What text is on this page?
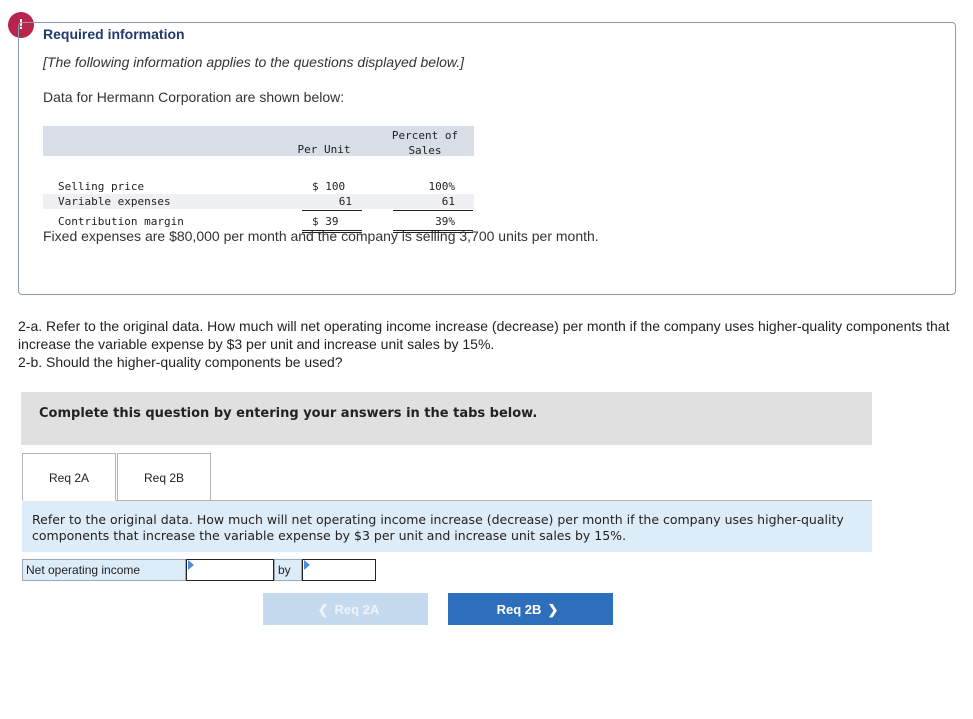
!
Required information
[The following information applies to the questions displayed below.]
Data for Hermann Corporation are shown below:
Per Unit
Percent of
Sales
Selling price	$ 100	100%
Variable expenses	61	61
Contribution margin	$ 39	39%
Fixed expenses are $80,000 per month and the company is selling 3,700 units per month.

2-a. Refer to the original data. How much will net operating income increase (decrease) per month if the company uses higher-quality components that increase the variable expense by $3 per unit and increase unit sales by 15%.

2-b. Should the higher-quality components be used?

Complete this question by entering your answers in the tabs below.
Req 2A	Req 2B
Refer to the original data. How much will net operating income increase (decrease) per month if the company uses higher-quality components that increase the variable expense by $3 per unit and increase unit sales by 15%.
Net operating income	by
❮ Req 2A	Req 2B ❯
